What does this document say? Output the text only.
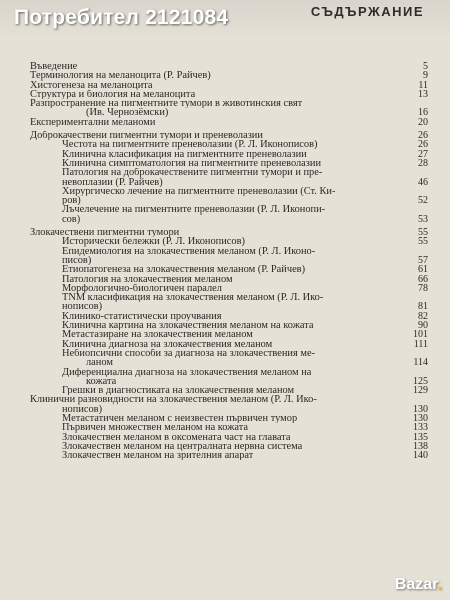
Потребител 2121084	СЪДЪРЖАНИЕ
Въведение	5
Терминология на меланоцита (Р. Райчев)	9
Хистогенеза на меланоцита	11
Структура и биология на меланоцита	13
Разпространение на пигментните тумори в животинския свят
(Ив. Чернозӗмски)	16
Експериментални меланоми	20
Доброкачествени пигментни тумори и преневолазии	26
Честота на пигментните преневолазии (Р. Л. Иконописов)	26
Клинична класификация на пигментните преневолазии	27
Клинична симптоматология на пигментните преневолазии	28
Патология на доброкачествените пигментни тумори и пре-
невоплазии (Р. Райчев)	46
Хирургическо лечение на пигментните преневолазии (Ст. Ки-
ров)	52
Лъчелечение на пигментните преневолазии (Р. Л. Иконопи-
сов)	53
Злокачествени пигментни тумори	55
Исторически бележки (Р. Л. Иконописов)	55
Епидемиология на злокачествения меланом (Р. Л. Иконо-
писов)	57
Етиопатогенеза на злокачествения меланом (Р. Райчев)	61
Патология на злокачествения меланом	66
Морфологично-биологичен паралел	78
TNM класификация на злокачествения меланом (Р. Л. Ико-
нописов)	81
Клинико-статистически проучвания	82
Клинична картина на злокачествения меланом на кожата	90
Метастазиране на злокачествения меланом	101
Клинична диагноза на злокачествения меланом	111
Небиопсични способи за диагноза на злокачествения ме-
ланом	114
Диференциална диагноза на злокачествения меланом на
кожата	125
Грешки в диагностиката на злокачествения меланом	129
Клинични разновидности на злокачествения меланом (Р. Л. Ико-
нописов)	130
Метастатичен меланом с неизвестен първичен тумор	130
Първичен множествен меланом на кожата	133
Злокачествен меланом в оксомената част на главата	135
Злокачествен меланом на централната нервна система	138
Злокачествен меланом на зрителния апарат	140
Bazar.
